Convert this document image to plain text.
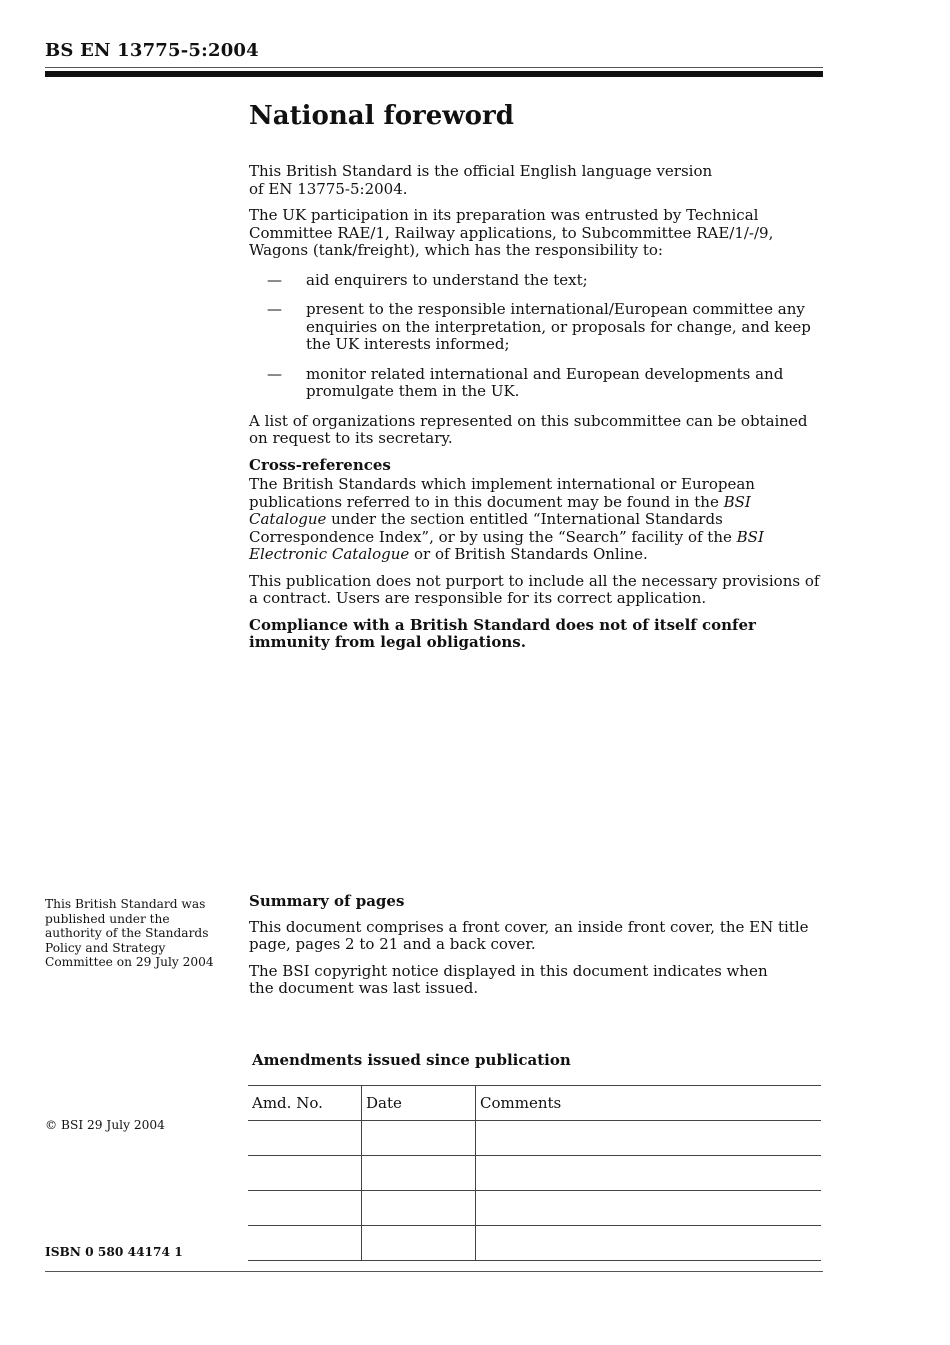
BS EN 13775-5:2004
National foreword

This British Standard is the official English language version of EN 13775-5:2004.

The UK participation in its preparation was entrusted by Technical Committee RAE/1, Railway applications, to Subcommittee RAE/1/-/9, Wagons (tank/freight), which has the responsibility to:

—	aid enquirers to understand the text;
—	present to the responsible international/European committee any enquiries on the interpretation, or proposals for change, and keep the UK interests informed;
—	monitor related international and European developments and promulgate them in the UK.

A list of organizations represented on this subcommittee can be obtained on request to its secretary.

Cross-references

The British Standards which implement international or European publications referred to in this document may be found in the BSI Catalogue under the section entitled “International Standards Correspondence Index”, or by using the “Search” facility of the BSI Electronic Catalogue or of British Standards Online.

This publication does not purport to include all the necessary provisions of a contract. Users are responsible for its correct application.

Compliance with a British Standard does not of itself confer immunity from legal obligations.

This British Standard was published under the authority of the Standards Policy and Strategy Committee on 29 July 2004
Summary of pages

This document comprises a front cover, an inside front cover, the EN title page, pages 2 to 21 and a back cover.

The BSI copyright notice displayed in this document indicates when the document was last issued.

Amendments issued since publication
Amd. No.	Date	Comments

© BSI 29 July 2004
ISBN 0 580 44174 1
